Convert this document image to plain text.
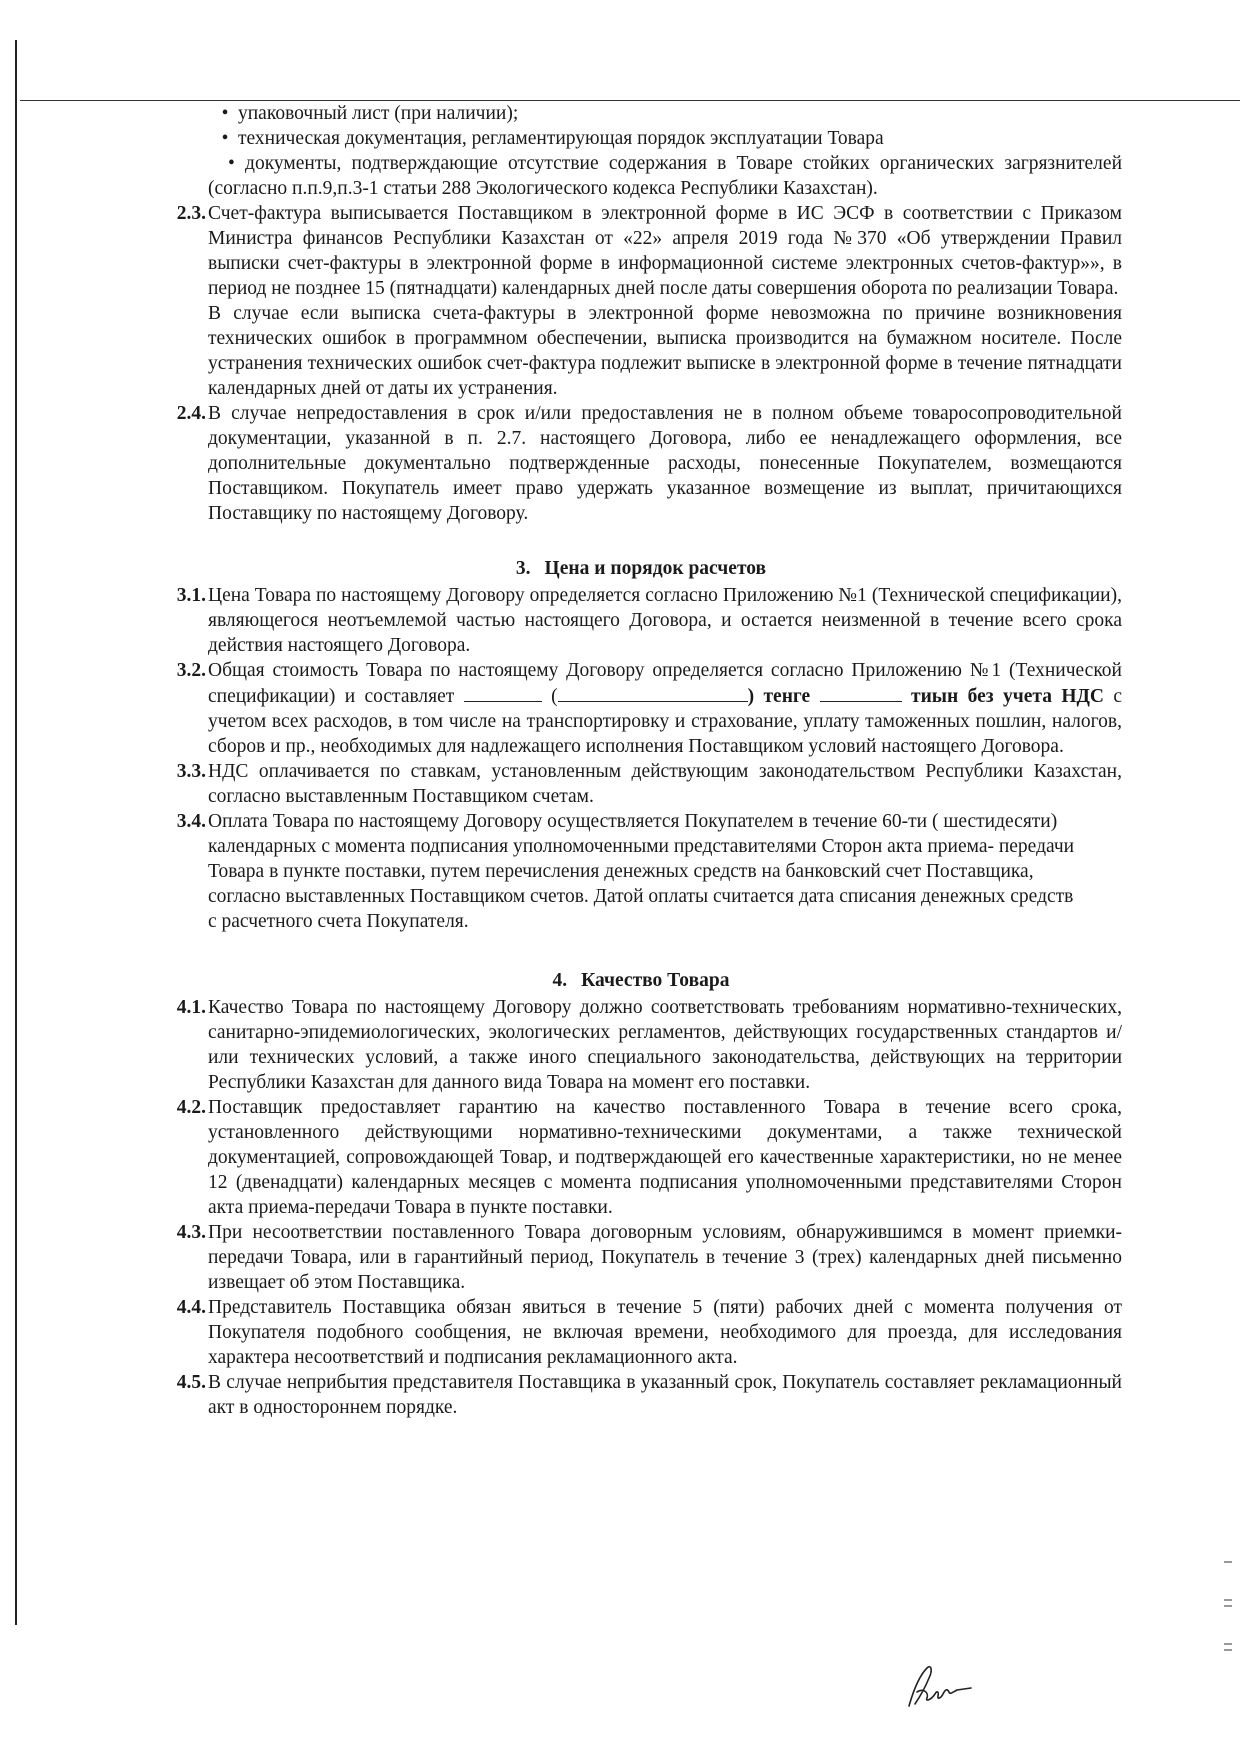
• упаковочный лист (при наличии);
• техническая документация, регламентирующая порядок эксплуатации Товара
• документы, подтверждающие отсутствие содержания в Товаре стойких органических загрязнителей (согласно п.п.9,п.3-1 статьи 288 Экологического кодекса Республики Казахстан).
2.3. Счет-фактура выписывается Поставщиком в электронной форме в ИС ЭСФ в соответствии с Приказом Министра финансов Республики Казахстан от «22» апреля 2019 года №370 «Об утверждении Правил выписки счет-фактуры в электронной форме в информационной системе электронных счетов-фактур»», в период не позднее 15 (пятнадцати) календарных дней после даты совершения оборота по реализации Товара.
В случае если выписка счета-фактуры в электронной форме невозможна по причине возникновения технических ошибок в программном обеспечении, выписка производится на бумажном носителе. После устранения технических ошибок счет-фактура подлежит выписке в электронной форме в течение пятнадцати календарных дней от даты их устранения.
2.4. В случае непредоставления в срок и/или предоставления не в полном объеме товаросопроводительной документации, указанной в п. 2.7. настоящего Договора, либо ее ненадлежащего оформления, все дополнительные документально подтвержденные расходы, понесенные Покупателем, возмещаются Поставщиком. Покупатель имеет право удержать указанное возмещение из выплат, причитающихся Поставщику по настоящему Договору.
3. Цена и порядок расчетов
3.1. Цена Товара по настоящему Договору определяется согласно Приложению №1 (Технической спецификации), являющегося неотъемлемой частью настоящего Договора, и остается неизменной в течение всего срока действия настоящего Договора.
3.2. Общая стоимость Товара по настоящему Договору определяется согласно Приложению №1 (Технической спецификации) и составляет	(	) тенге	тиын без учета НДС с учетом всех расходов, в том числе на транспортировку и страхование, уплату таможенных пошлин, налогов, сборов и пр., необходимых для надлежащего исполнения Поставщиком условий настоящего Договора.
3.3. НДС оплачивается по ставкам, установленным действующим законодательством Республики Казахстан, согласно выставленным Поставщиком счетам.
3.4. Оплата Товара по настоящему Договору осуществляется Покупателем в течение 60-ти ( шестидесяти) календарных с момента подписания уполномоченными представителями Сторон акта приема- передачи Товара в пункте поставки, путем перечисления денежных средств на банковский счет Поставщика, согласно выставленных Поставщиком счетов. Датой оплаты считается дата списания денежных средств с расчетного счета Покупателя.
4. Качество Товара
4.1. Качество Товара по настоящему Договору должно соответствовать требованиям нормативно-технических, санитарно-эпидемиологических, экологических регламентов, действующих государственных стандартов и/или технических условий, а также иного специального законодательства, действующих на территории Республики Казахстан для данного вида Товара на момент его поставки.
4.2. Поставщик предоставляет гарантию на качество поставленного Товара в течение всего срока, установленного действующими нормативно-техническими документами, а также технической документацией, сопровождающей Товар, и подтверждающей его качественные характеристики, но не менее 12 (двенадцати) календарных месяцев с момента подписания уполномоченными представителями Сторон акта приема-передачи Товара в пункте поставки.
4.3. При несоответствии поставленного Товара договорным условиям, обнаружившимся в момент приемки-передачи Товара, или в гарантийный период, Покупатель в течение 3 (трех) календарных дней письменно извещает об этом Поставщика.
4.4. Представитель Поставщика обязан явиться в течение 5 (пяти) рабочих дней с момента получения от Покупателя подобного сообщения, не включая времени, необходимого для проезда, для исследования характера несоответствий и подписания рекламационного акта.
4.5. В случае неприбытия представителя Поставщика в указанный срок, Покупатель составляет рекламационный акт в одностороннем порядке.
